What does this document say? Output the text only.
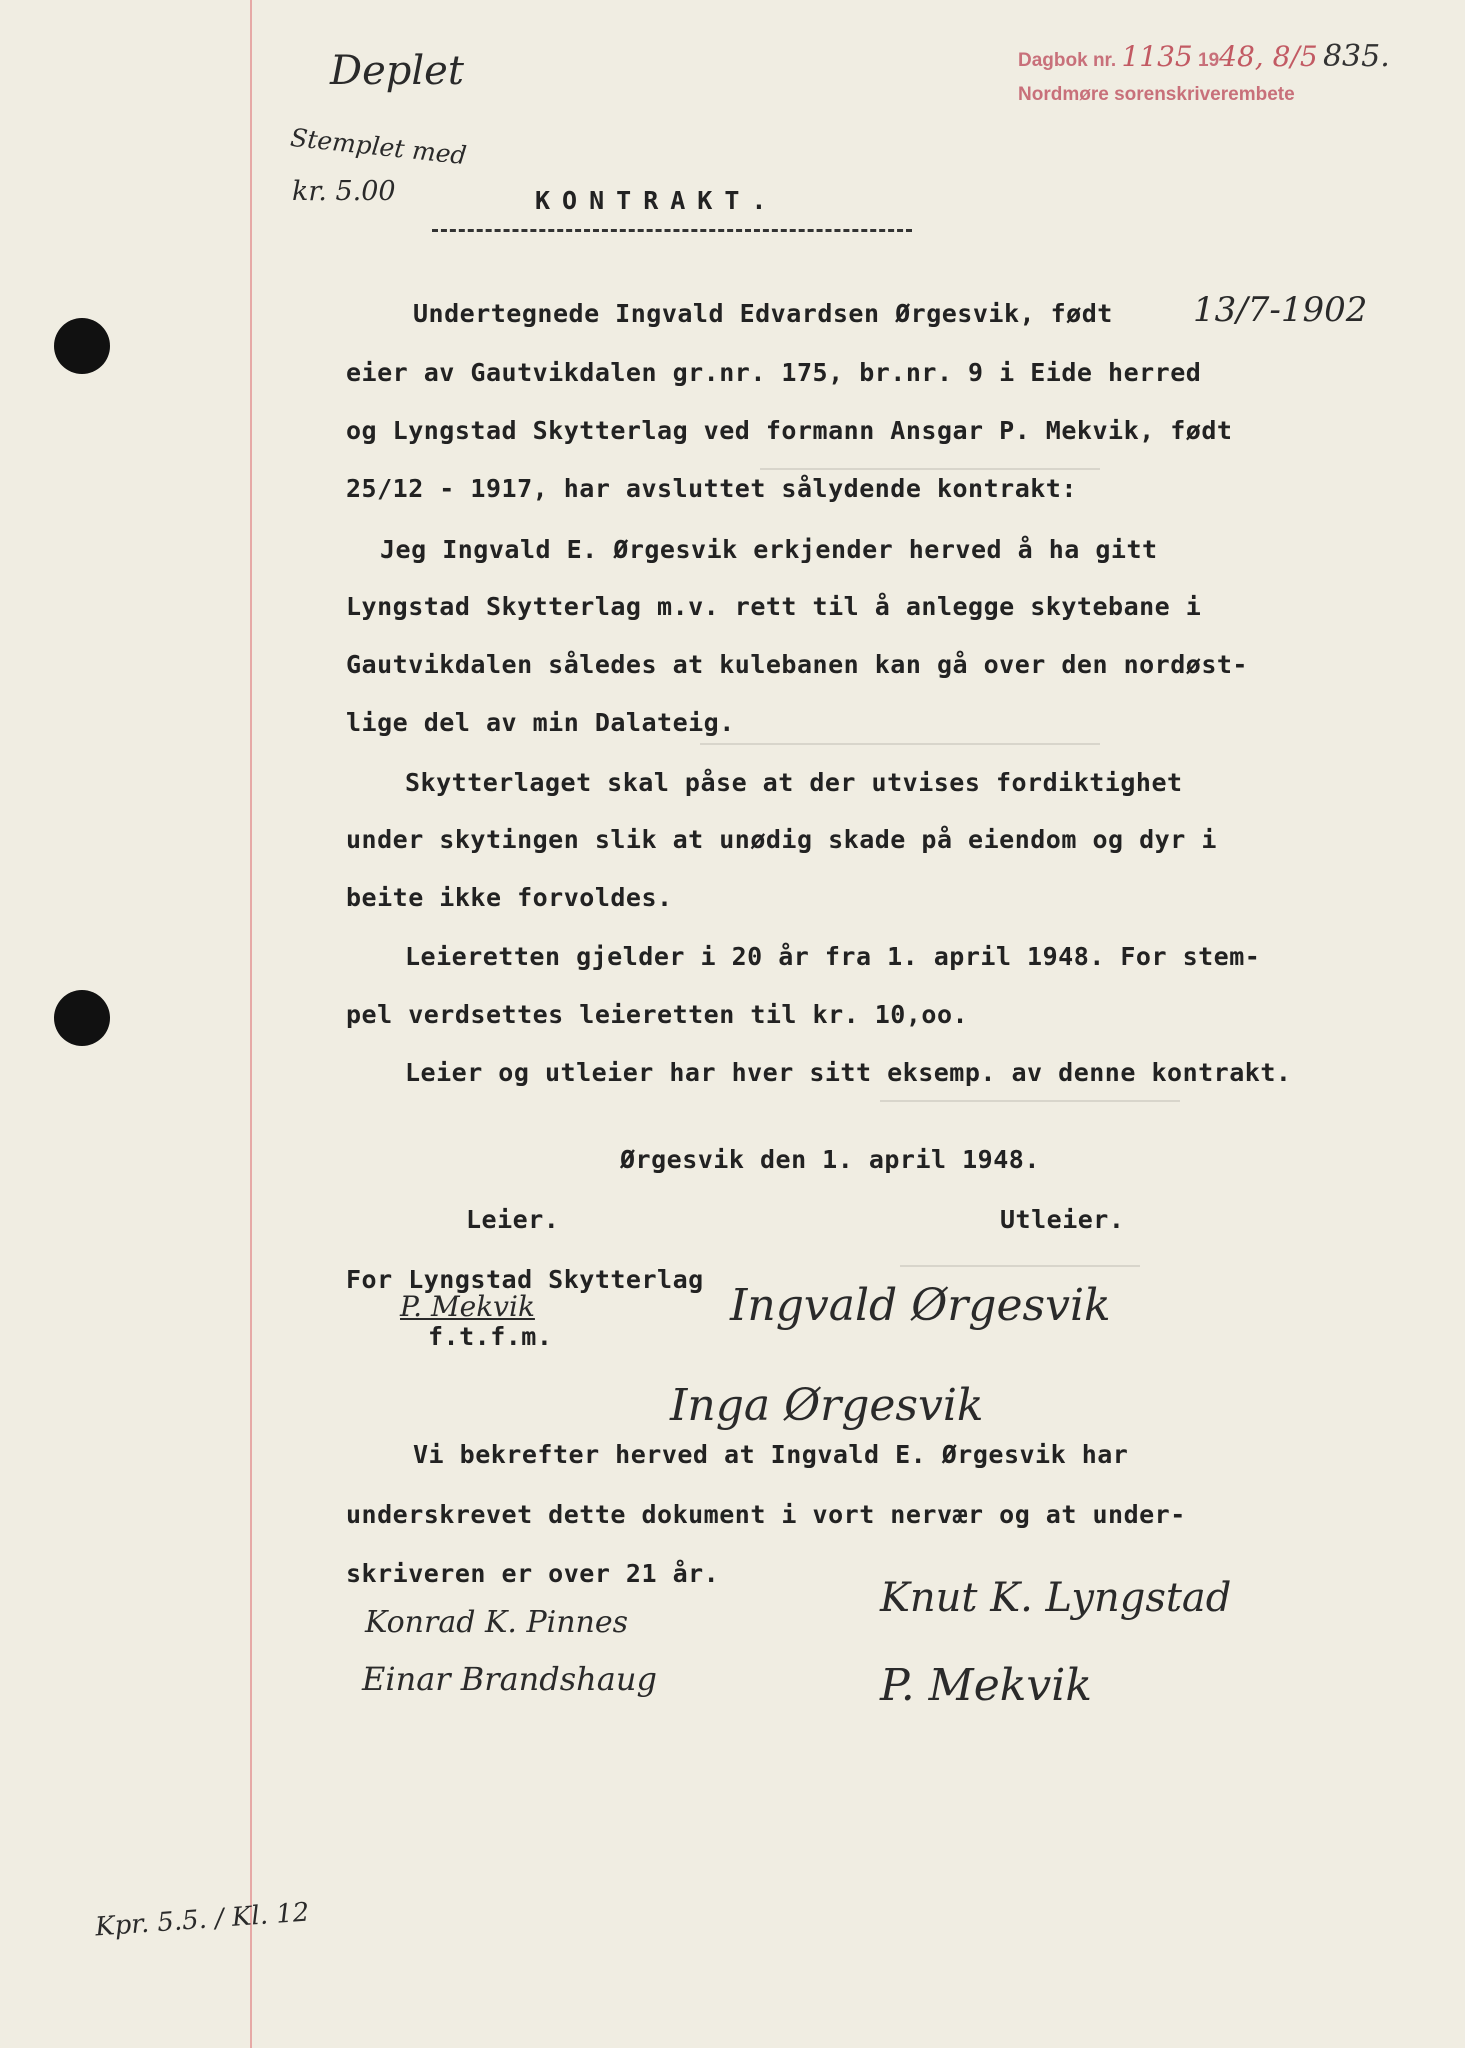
Deplet
Stemplet med
kr. 5.00
Dagbok nr. 1135 1948, 8/5 835.
Nordmøre sorenskriverembete
KONTRAKT.
13/7-1902
Undertegnede Ingvald Edvardsen Ørgesvik, født
eier av Gautvikdalen gr.nr. 175, br.nr. 9 i Eide herred
og Lyngstad Skytterlag ved formann Ansgar P. Mekvik, født
25/12 - 1917, har avsluttet sålydende kontrakt:
Jeg Ingvald E. Ørgesvik erkjender herved å ha gitt
Lyngstad Skytterlag m.v. rett til å anlegge skytebane i
Gautvikdalen således at kulebanen kan gå over den nordøst-
lige del av min Dalateig.
Skytterlaget skal påse at der utvises fordiktighet
under skytingen slik at unødig skade på eiendom og dyr i
beite ikke forvoldes.
Leieretten gjelder i 20 år fra 1. april 1948. For stem-
pel verdsettes leieretten til kr. 10,oo.
Leier og utleier har hver sitt eksemp. av denne kontrakt.
Ørgesvik den 1. april 1948.
Leier.	Utleier.
For Lyngstad Skytterlag
f.t.f.m.
P. Mekvik	Ingvald Ørgesvik
Inga Ørgesvik
Vi bekrefter herved at Ingvald E. Ørgesvik har
underskrevet dette dokument i vort nervær og at under-
skriveren er over 21 år.
Konrad K. Pinnes
Knut K. Lyngstad
Einar Brandshaug	P. Mekvik
Kpr. 5.5. / Kl. 12
